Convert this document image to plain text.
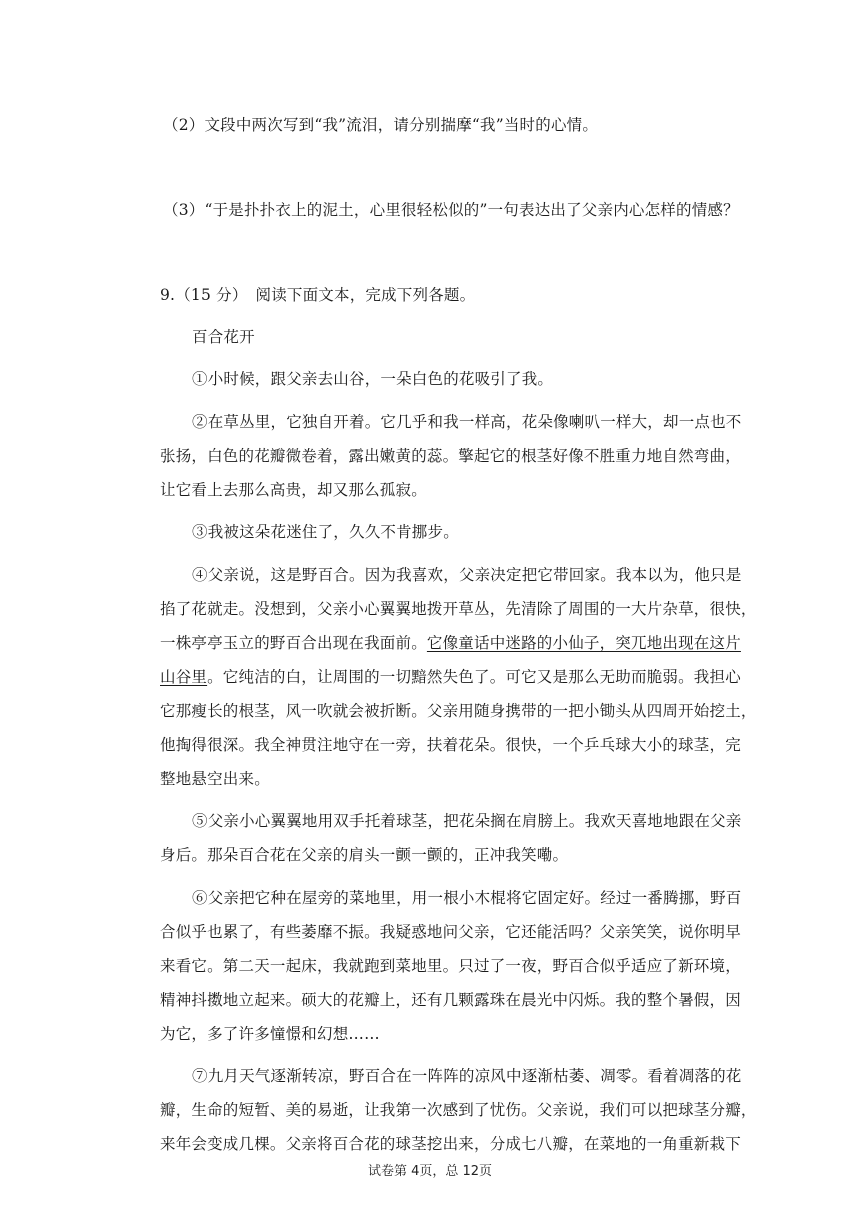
（2）文段中两次写到“我”流泪，请分别揣摩“我”当时的心情。
（3）“于是扑扑衣上的泥土，心里很轻松似的”一句表达出了父亲内心怎样的情感？
9.（15 分）　阅读下面文本，完成下列各题。
百合花开
①小时候，跟父亲去山谷，一朵白色的花吸引了我。
②在草丛里，它独自开着。它几乎和我一样高，花朵像喇叭一样大，却一点也不
张扬，白色的花瓣微卷着，露出嫩黄的蕊。擎起它的根茎好像不胜重力地自然弯曲，
让它看上去那么高贵，却又那么孤寂。
③我被这朵花迷住了，久久不肯挪步。
④父亲说，这是野百合。因为我喜欢，父亲决定把它带回家。我本以为，他只是
掐了花就走。没想到，父亲小心翼翼地拨开草丛，先清除了周围的一大片杂草，很快，
一株亭亭玉立的野百合出现在我面前。它像童话中迷路的小仙子，突兀地出现在这片
山谷里。它纯洁的白，让周围的一切黯然失色了。可它又是那么无助而脆弱。我担心
它那瘦长的根茎，风一吹就会被折断。父亲用随身携带的一把小锄头从四周开始挖土，
他掏得很深。我全神贯注地守在一旁，扶着花朵。很快，一个乒乓球大小的球茎，完
整地悬空出来。
⑤父亲小心翼翼地用双手托着球茎，把花朵搁在肩膀上。我欢天喜地地跟在父亲
身后。那朵百合花在父亲的肩头一颤一颤的，正冲我笑嘞。
⑥父亲把它种在屋旁的菜地里，用一根小木棍将它固定好。经过一番腾挪，野百
合似乎也累了，有些萎靡不振。我疑惑地问父亲，它还能活吗？父亲笑笑，说你明早
来看它。第二天一起床，我就跑到菜地里。只过了一夜，野百合似乎适应了新环境，
精神抖擞地立起来。硕大的花瓣上，还有几颗露珠在晨光中闪烁。我的整个暑假，因
为它，多了许多憧憬和幻想……
⑦九月天气逐渐转凉，野百合在一阵阵的凉风中逐渐枯萎、凋零。看着凋落的花
瓣，生命的短暂、美的易逝，让我第一次感到了忧伤。父亲说，我们可以把球茎分瓣，
来年会变成几棵。父亲将百合花的球茎挖出来，分成七八瓣，在菜地的一角重新栽下
试卷第 4页，总 12页
